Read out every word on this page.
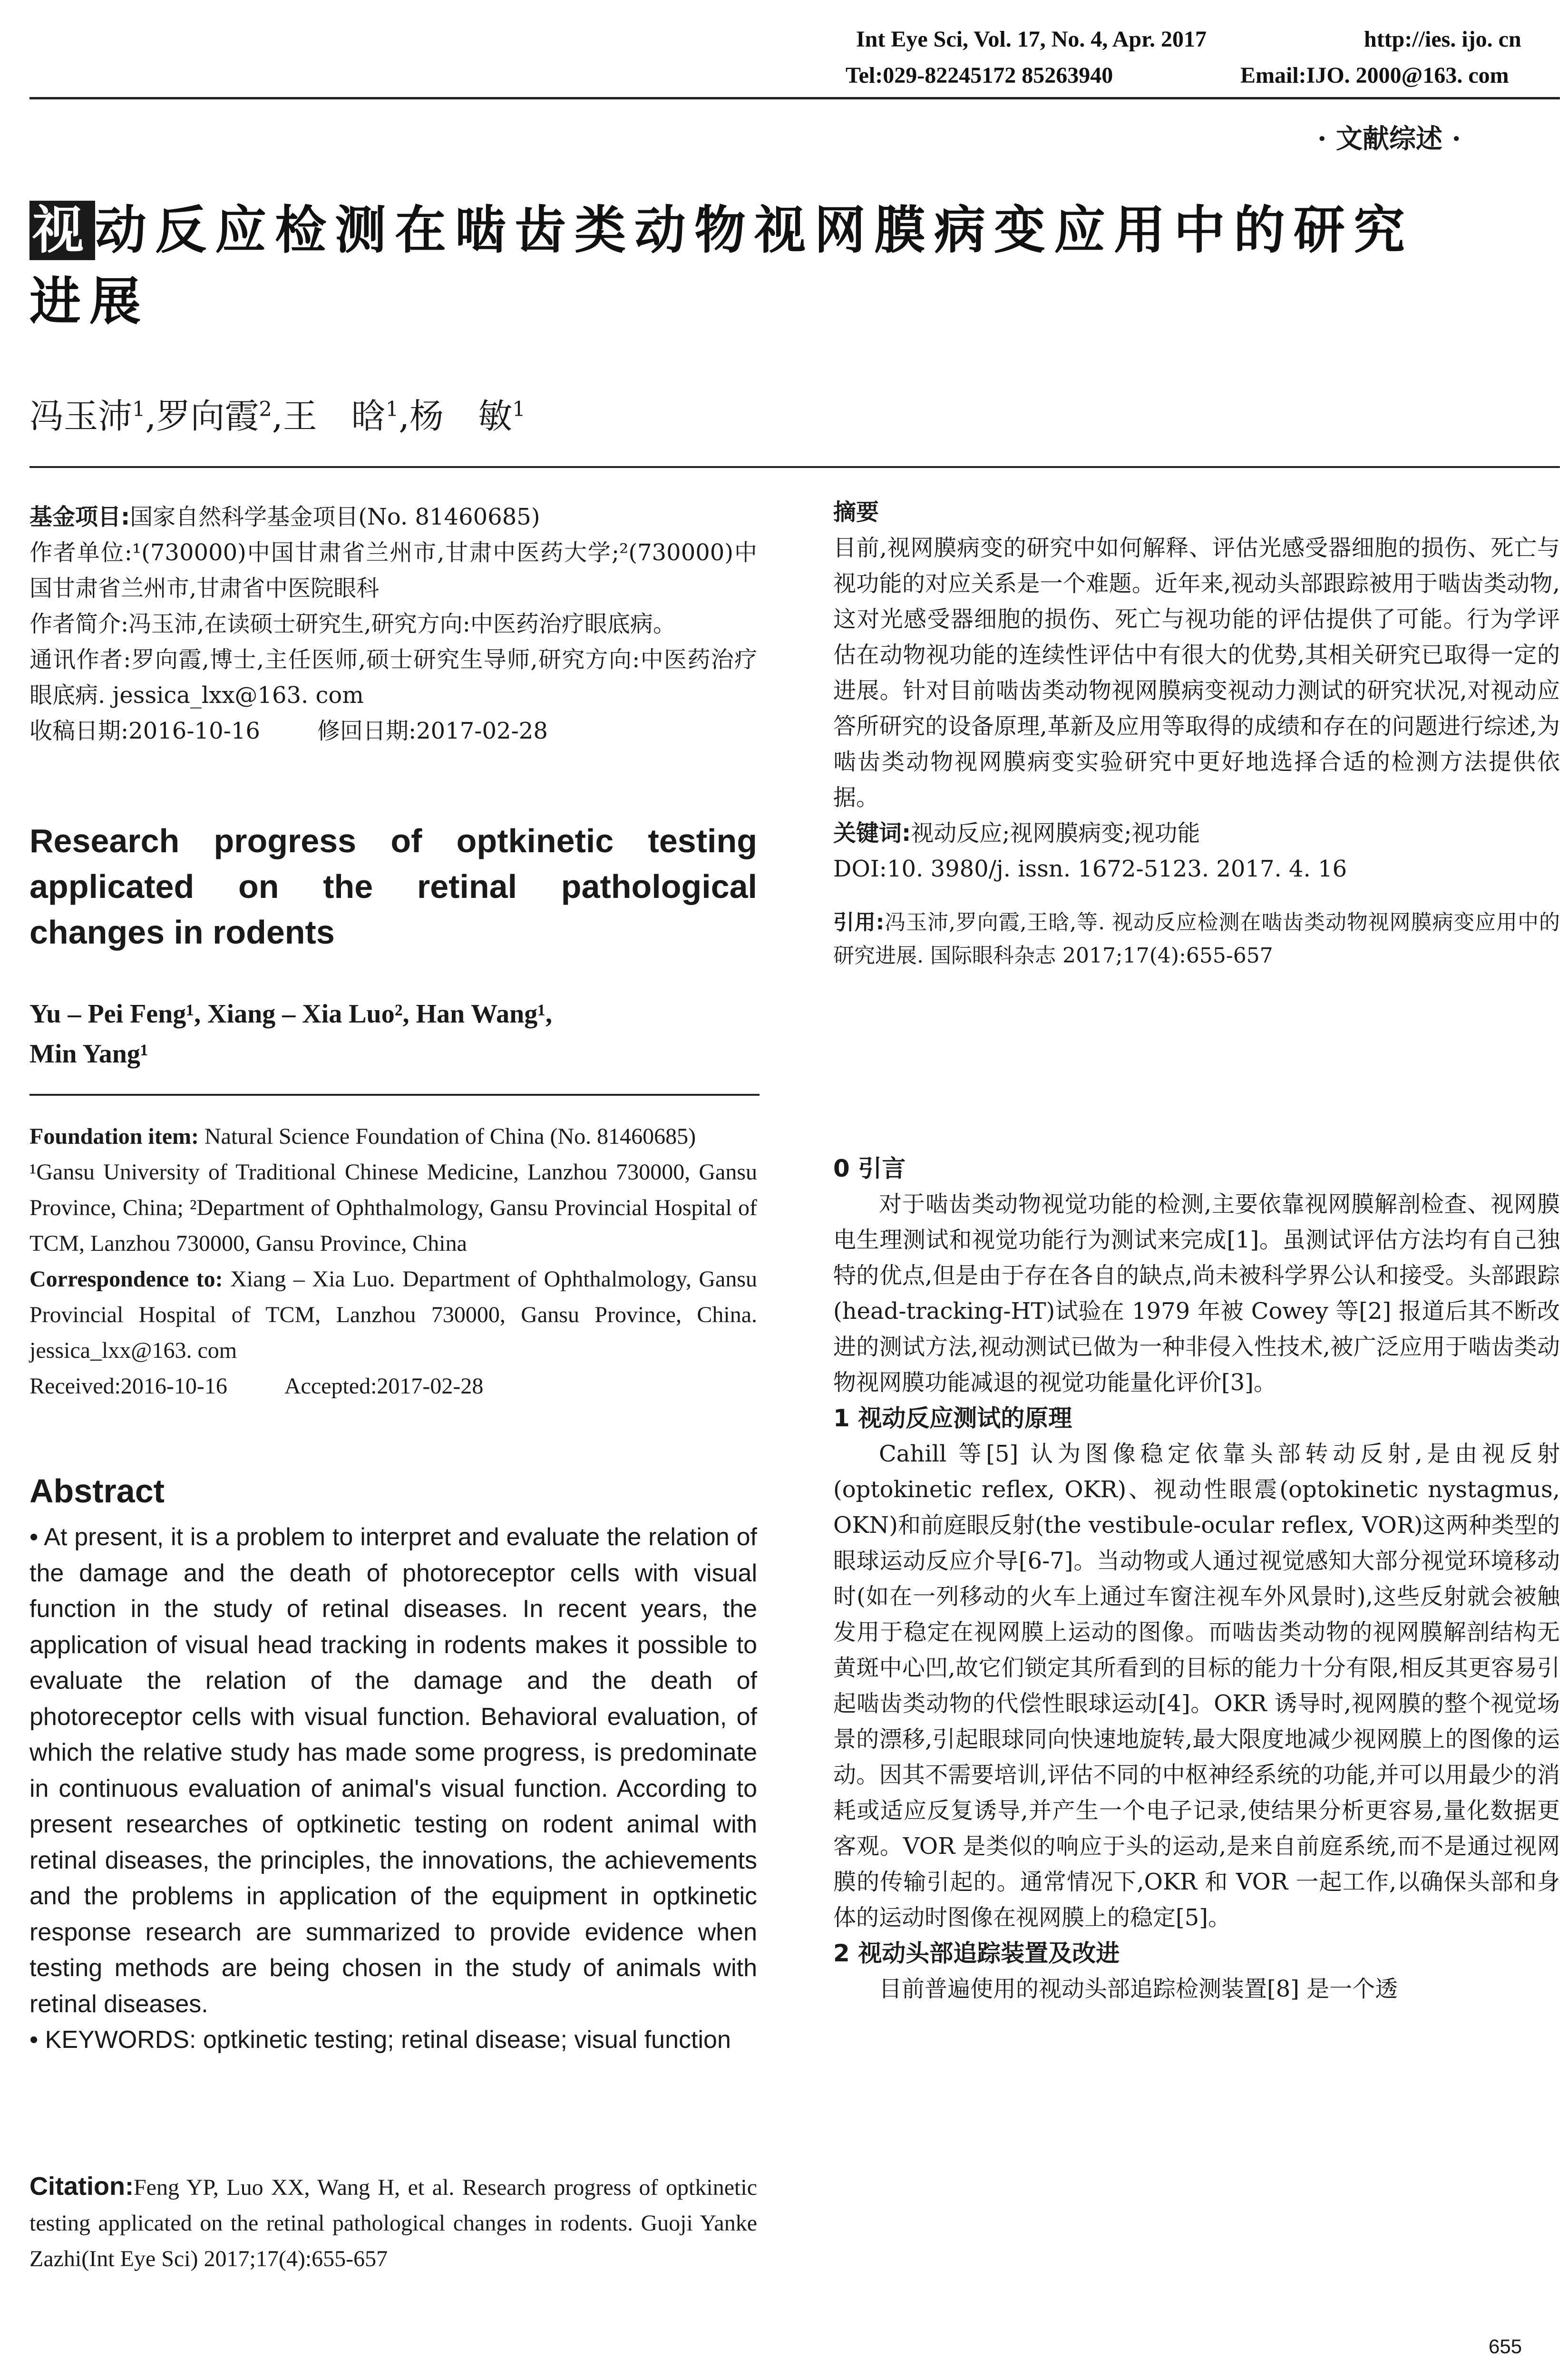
Int Eye Sci, Vol. 17, No. 4, Apr. 2017	http://ies. ijo. cn
Tel:029-82245172 85263940	Email:IJO. 2000@163. com
· 文献综述 ·
视动反应检测在啮齿类动物视网膜病变应用中的研究
进展
冯玉沛$^1$,罗向霞$^2$,王　晗$^1$,杨　敏$^1$

基金项目:国家自然科学基金项目(No. 81460685)

作者单位:¹(730000)中国甘肃省兰州市,甘肃中医药大学;²(730000)中国甘肃省兰州市,甘肃省中医院眼科

作者简介:冯玉沛,在读硕士研究生,研究方向:中医药治疗眼底病。

通讯作者:罗向霞,博士,主任医师,硕士研究生导师,研究方向:中医药治疗眼底病. jessica_lxx@163. com

收稿日期:2016-10-16	修回日期:2017-02-28

Research progress of optkinetic testing applicated on the retinal pathological changes in rodents
Yu – Pei Feng¹, Xiang – Xia Luo², Han Wang¹,
Min Yang¹

Foundation item: Natural Science Foundation of China (No. 81460685)

¹Gansu University of Traditional Chinese Medicine, Lanzhou 730000, Gansu Province, China; ²Department of Ophthalmology, Gansu Provincial Hospital of TCM, Lanzhou 730000, Gansu Province, China

Correspondence to: Xiang – Xia Luo. Department of Ophthalmology, Gansu Provincial Hospital of TCM, Lanzhou 730000, Gansu Province, China. jessica_lxx@163. com

Received:2016-10-16	Accepted:2017-02-28

Abstract

• At present, it is a problem to interpret and evaluate the relation of the damage and the death of photoreceptor cells with visual function in the study of retinal diseases. In recent years, the application of visual head tracking in rodents makes it possible to evaluate the relation of the damage and the death of photoreceptor cells with visual function. Behavioral evaluation, of which the relative study has made some progress, is predominate in continuous evaluation of animal's visual function. According to present researches of optkinetic testing on rodent animal with retinal diseases, the principles, the innovations, the achievements and the problems in application of the equipment in optkinetic response research are summarized to provide evidence when testing methods are being chosen in the study of animals with retinal diseases.

• KEYWORDS: optkinetic testing; retinal disease; visual function

Citation:Feng YP, Luo XX, Wang H, et al. Research progress of optkinetic testing applicated on the retinal pathological changes in rodents. Guoji Yanke Zazhi(Int Eye Sci) 2017;17(4):655-657

摘要

目前,视网膜病变的研究中如何解释、评估光感受器细胞的损伤、死亡与视功能的对应关系是一个难题。近年来,视动头部跟踪被用于啮齿类动物,这对光感受器细胞的损伤、死亡与视功能的评估提供了可能。行为学评估在动物视功能的连续性评估中有很大的优势,其相关研究已取得一定的进展。针对目前啮齿类动物视网膜病变视动力测试的研究状况,对视动应答所研究的设备原理,革新及应用等取得的成绩和存在的问题进行综述,为啮齿类动物视网膜病变实验研究中更好地选择合适的检测方法提供依据。

关键词:视动反应;视网膜病变;视功能

DOI:10. 3980/j. issn. 1672-5123. 2017. 4. 16

引用:冯玉沛,罗向霞,王晗,等. 视动反应检测在啮齿类动物视网膜病变应用中的研究进展. 国际眼科杂志 2017;17(4):655-657

0 引言

对于啮齿类动物视觉功能的检测,主要依靠视网膜解剖检查、视网膜电生理测试和视觉功能行为测试来完成[1]。虽测试评估方法均有自己独特的优点,但是由于存在各自的缺点,尚未被科学界公认和接受。头部跟踪(head-tracking-HT)试验在 1979 年被 Cowey 等[2] 报道后其不断改进的测试方法,视动测试已做为一种非侵入性技术,被广泛应用于啮齿类动物视网膜功能减退的视觉功能量化评价[3]。

1 视动反应测试的原理

Cahill 等[5] 认为图像稳定依靠头部转动反射,是由视反射(optokinetic reflex, OKR)、视动性眼震(optokinetic nystagmus, OKN)和前庭眼反射(the vestibule-ocular reflex, VOR)这两种类型的眼球运动反应介导[6-7]。当动物或人通过视觉感知大部分视觉环境移动时(如在一列移动的火车上通过车窗注视车外风景时),这些反射就会被触发用于稳定在视网膜上运动的图像。而啮齿类动物的视网膜解剖结构无黄斑中心凹,故它们锁定其所看到的目标的能力十分有限,相反其更容易引起啮齿类动物的代偿性眼球运动[4]。OKR 诱导时,视网膜的整个视觉场景的漂移,引起眼球同向快速地旋转,最大限度地减少视网膜上的图像的运动。因其不需要培训,评估不同的中枢神经系统的功能,并可以用最少的消耗或适应反复诱导,并产生一个电子记录,使结果分析更容易,量化数据更客观。VOR 是类似的响应于头的运动,是来自前庭系统,而不是通过视网膜的传输引起的。通常情况下,OKR 和 VOR 一起工作,以确保头部和身体的运动时图像在视网膜上的稳定[5]。

2 视动头部追踪装置及改进

目前普遍使用的视动头部追踪检测装置[8] 是一个透

655
